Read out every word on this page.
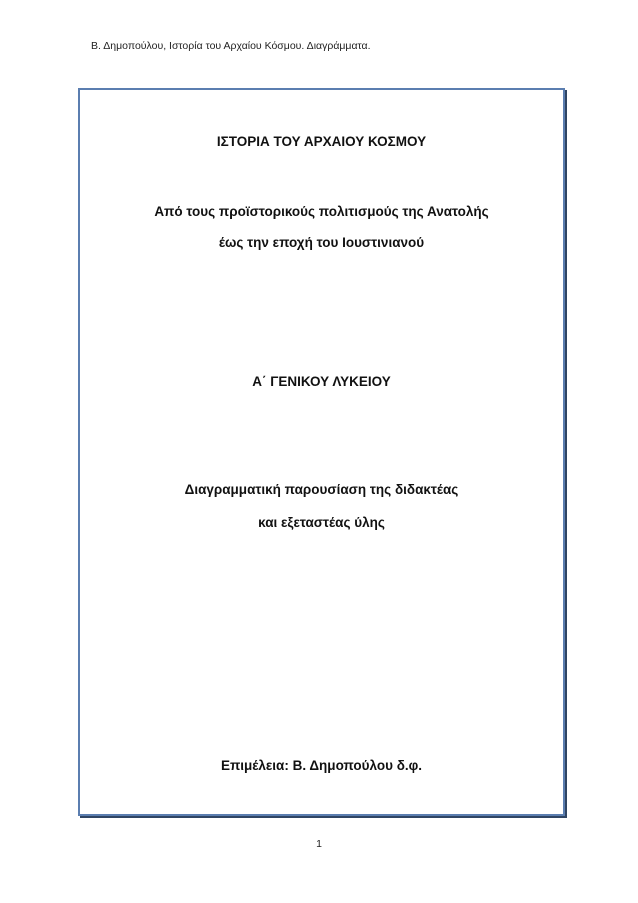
Β. Δημοπούλου, Ιστορία του Αρχαίου Κόσμου. Διαγράμματα.
ΙΣΤΟΡΙΑ ΤΟΥ ΑΡΧΑΙΟΥ ΚΟΣΜΟΥ
Από τους προϊστορικούς πολιτισμούς της Ανατολής
έως την εποχή του Ιουστινιανού
Α΄ ΓΕΝΙΚΟΥ ΛΥΚΕΙΟΥ
Διαγραμματική παρουσίαση της διδακτέας
και εξεταστέας ύλης
Επιμέλεια: Β. Δημοπούλου δ.φ.
1
